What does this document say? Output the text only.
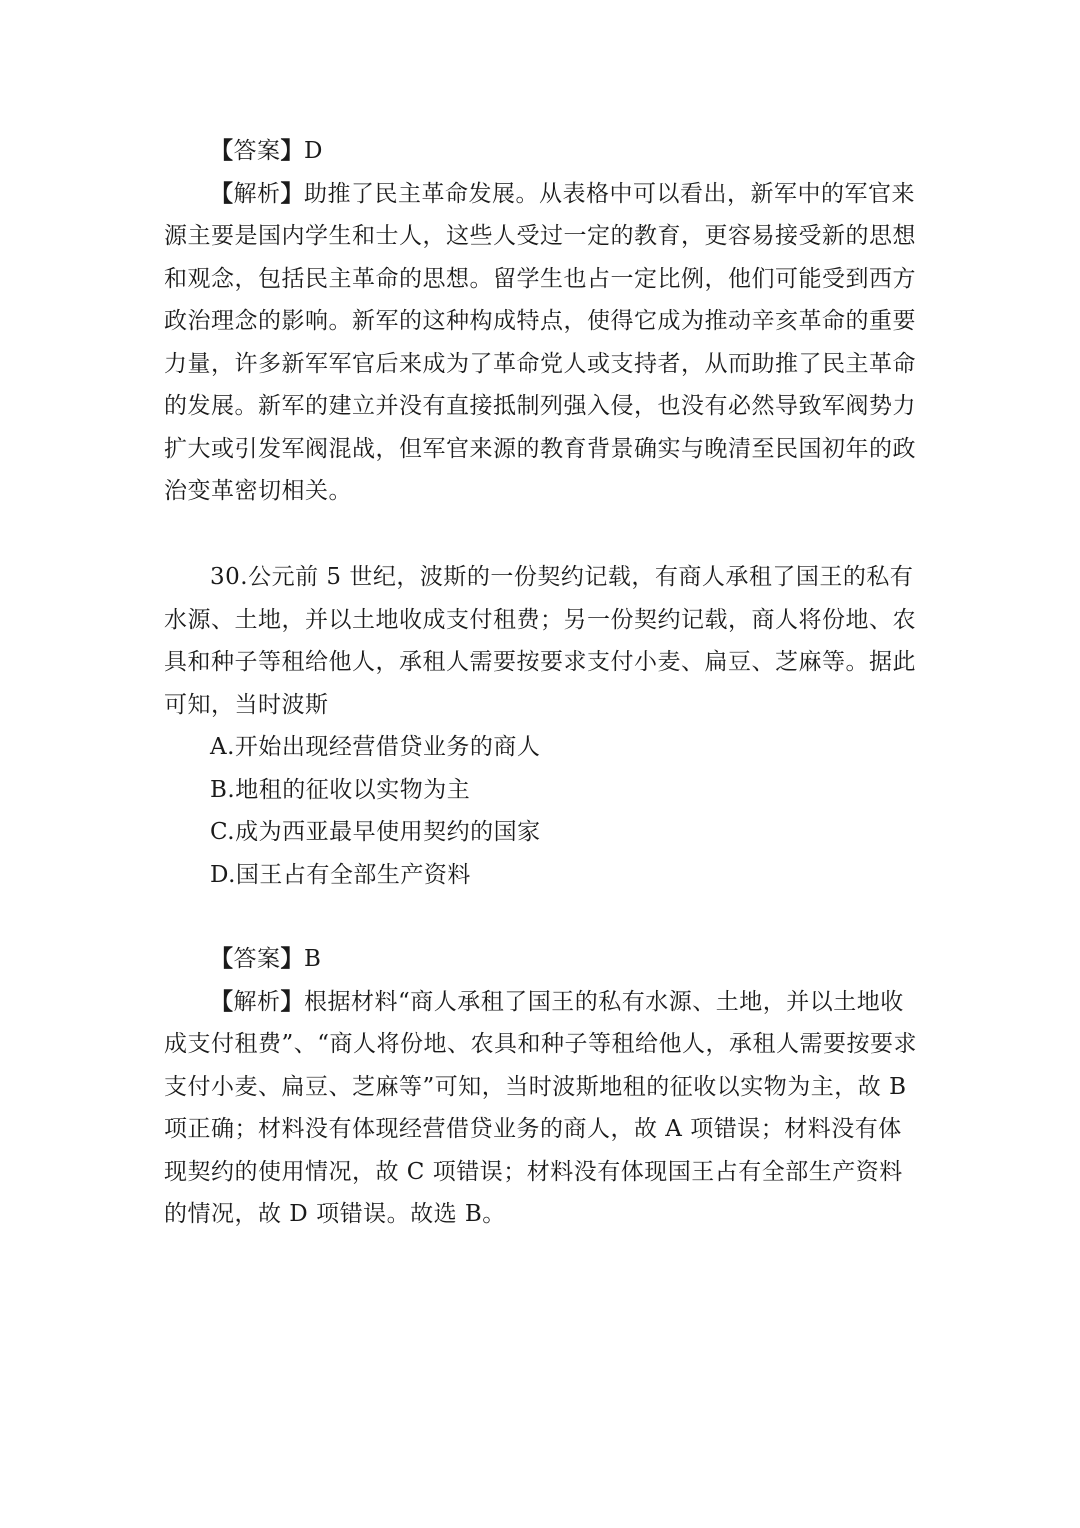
【答案】D

【解析】助推了民主革命发展。从表格中可以看出，新军中的军官来源主要是国内学生和士人，这些人受过一定的教育，更容易接受新的思想和观念，包括民主革命的思想。留学生也占一定比例，他们可能受到西方政治理念的影响。新军的这种构成特点，使得它成为推动辛亥革命的重要力量，许多新军军官后来成为了革命党人或支持者，从而助推了民主革命的发展。新军的建立并没有直接抵制列强入侵，也没有必然导致军阀势力扩大或引发军阀混战，但军官来源的教育背景确实与晚清至民国初年的政治变革密切相关。

30.公元前 5 世纪，波斯的一份契约记载，有商人承租了国王的私有水源、土地，并以土地收成支付租费；另一份契约记载，商人将份地、农具和种子等租给他人，承租人需要按要求支付小麦、扁豆、芝麻等。据此可知，当时波斯

A.开始出现经营借贷业务的商人

B.地租的征收以实物为主

C.成为西亚最早使用契约的国家

D.国王占有全部生产资料

【答案】B

【解析】根据材料“商人承租了国王的私有水源、土地，并以土地收成支付租费”、“商人将份地、农具和种子等租给他人，承租人需要按要求支付小麦、扁豆、芝麻等”可知，当时波斯地租的征收以实物为主，故 B 项正确；材料没有体现经营借贷业务的商人，故 A 项错误；材料没有体现契约的使用情况，故 C 项错误；材料没有体现国王占有全部生产资料的情况，故 D 项错误。故选 B。
